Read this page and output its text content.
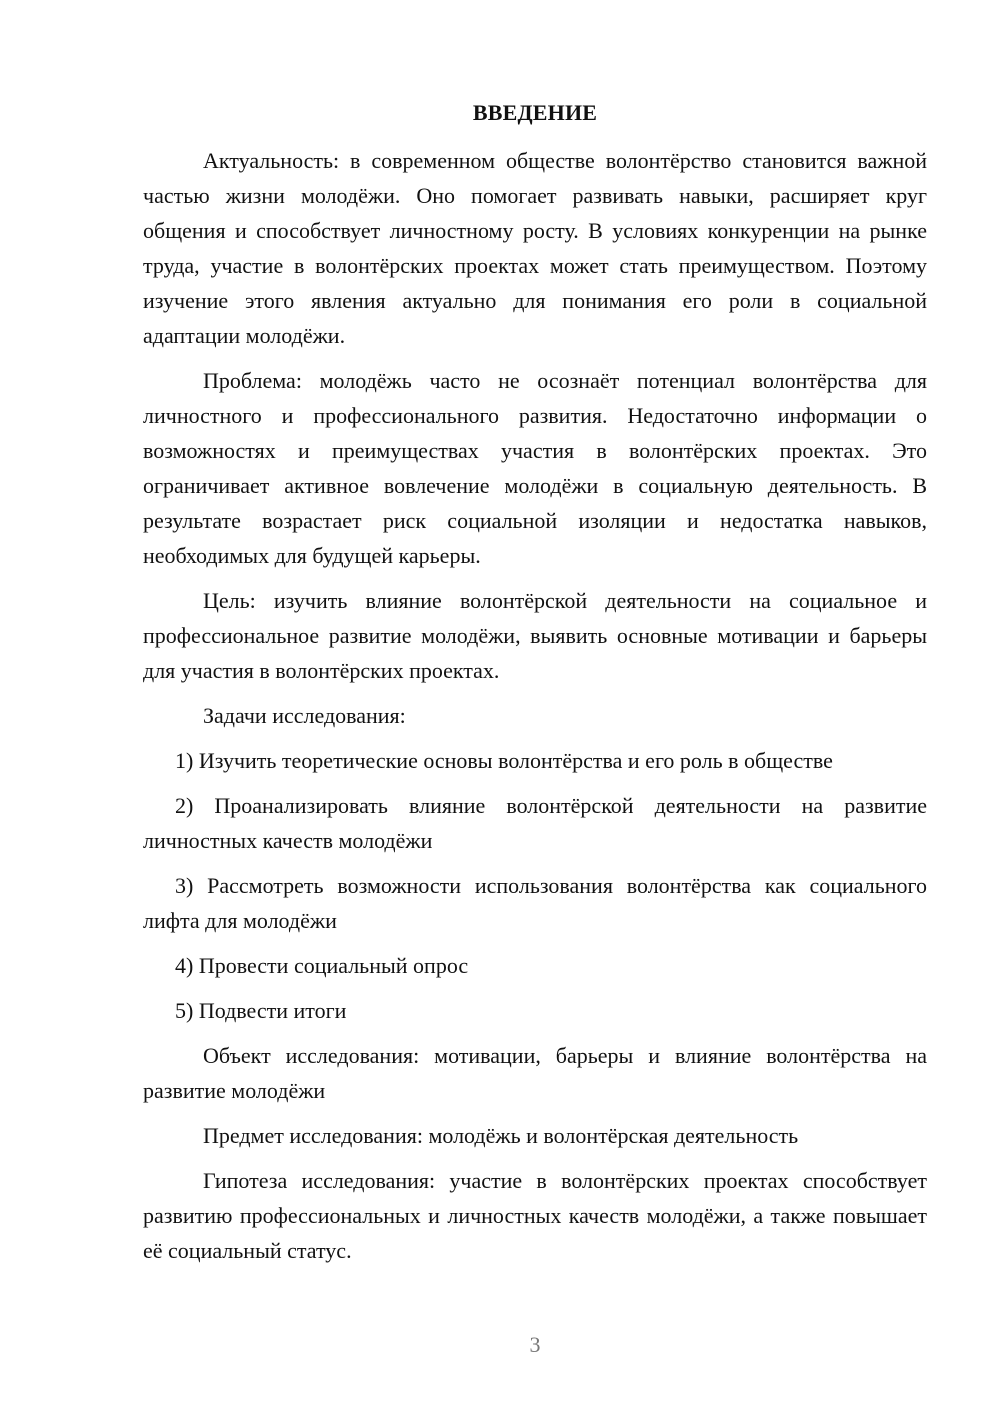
ВВЕДЕНИЕ

Актуальность: в современном обществе волонтёрство становится важной частью жизни молодёжи. Оно помогает развивать навыки, расширяет круг общения и способствует личностному росту. В условиях конкуренции на рынке труда, участие в волонтёрских проектах может стать преимуществом. Поэтому изучение этого явления актуально для понимания его роли в социальной адаптации молодёжи.

Проблема: молодёжь часто не осознаёт потенциал волонтёрства для личностного и профессионального развития. Недостаточно информации о возможностях и преимуществах участия в волонтёрских проектах. Это ограничивает активное вовлечение молодёжи в социальную деятельность. В результате возрастает риск социальной изоляции и недостатка навыков, необходимых для будущей карьеры.

Цель: изучить влияние волонтёрской деятельности на социальное и профессиональное развитие молодёжи, выявить основные мотивации и барьеры для участия в волонтёрских проектах.

Задачи исследования:

1) Изучить теоретические основы волонтёрства и его роль в обществе

2) Проанализировать влияние волонтёрской деятельности на развитие личностных качеств молодёжи

3) Рассмотреть возможности использования волонтёрства как социального лифта для молодёжи

4) Провести социальный опрос

5) Подвести итоги

Объект исследования: мотивации, барьеры и влияние волонтёрства на развитие молодёжи

Предмет исследования: молодёжь и волонтёрская деятельность

Гипотеза исследования: участие в волонтёрских проектах способствует развитию профессиональных и личностных качеств молодёжи, а также повышает её социальный статус.

3
